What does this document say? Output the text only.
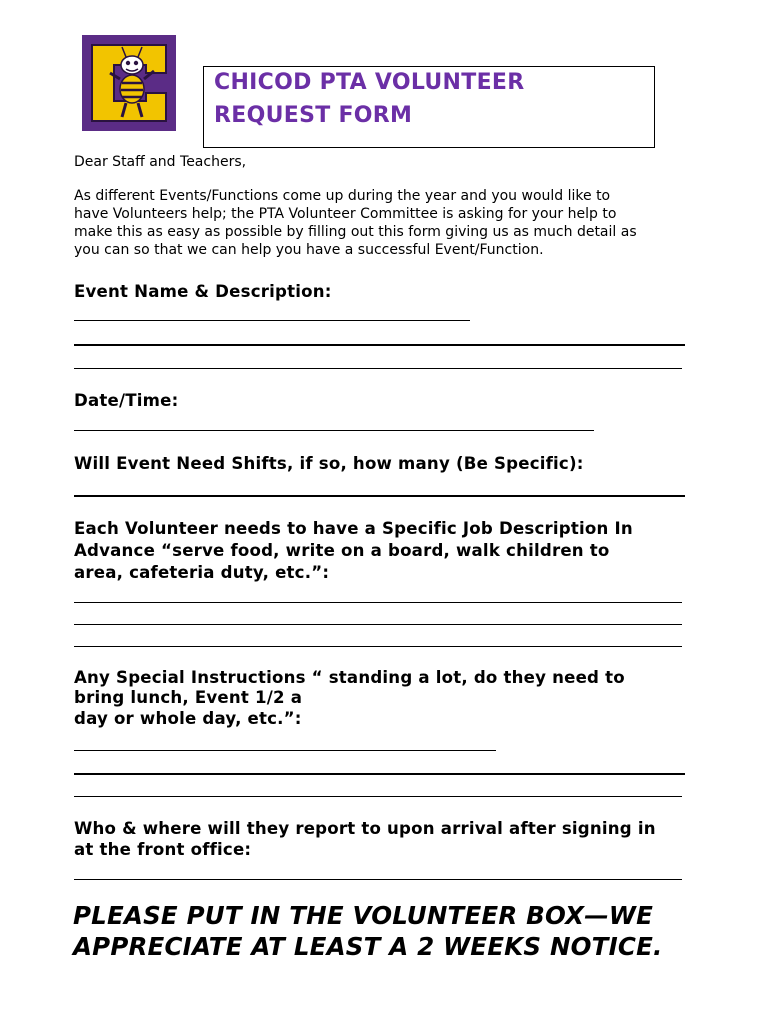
CHICOD PTA VOLUNTEER
REQUEST FORM
Dear Staff and Teachers,
As different Events/Functions come up during the year and you would like to
have Volunteers help; the PTA Volunteer Committee is asking for your help to
make this as easy as possible by filling out this form giving us as much detail as
you can so that we can help you have a successful Event/Function.
Event Name & Description:
Date/Time:
Will Event Need Shifts, if so, how many (Be Specific):
Each Volunteer needs to have a Specific Job Description In
Advance “serve food, write on a board, walk children to
area, cafeteria duty, etc.”:
Any Special Instructions “ standing a lot, do they need to
bring lunch, Event 1/2 a
day or whole day, etc.”:
Who & where will they report to upon arrival after signing in
at the front office:
PLEASE PUT IN THE VOLUNTEER BOX—WE
APPRECIATE AT LEAST A 2 WEEKS NOTICE.
